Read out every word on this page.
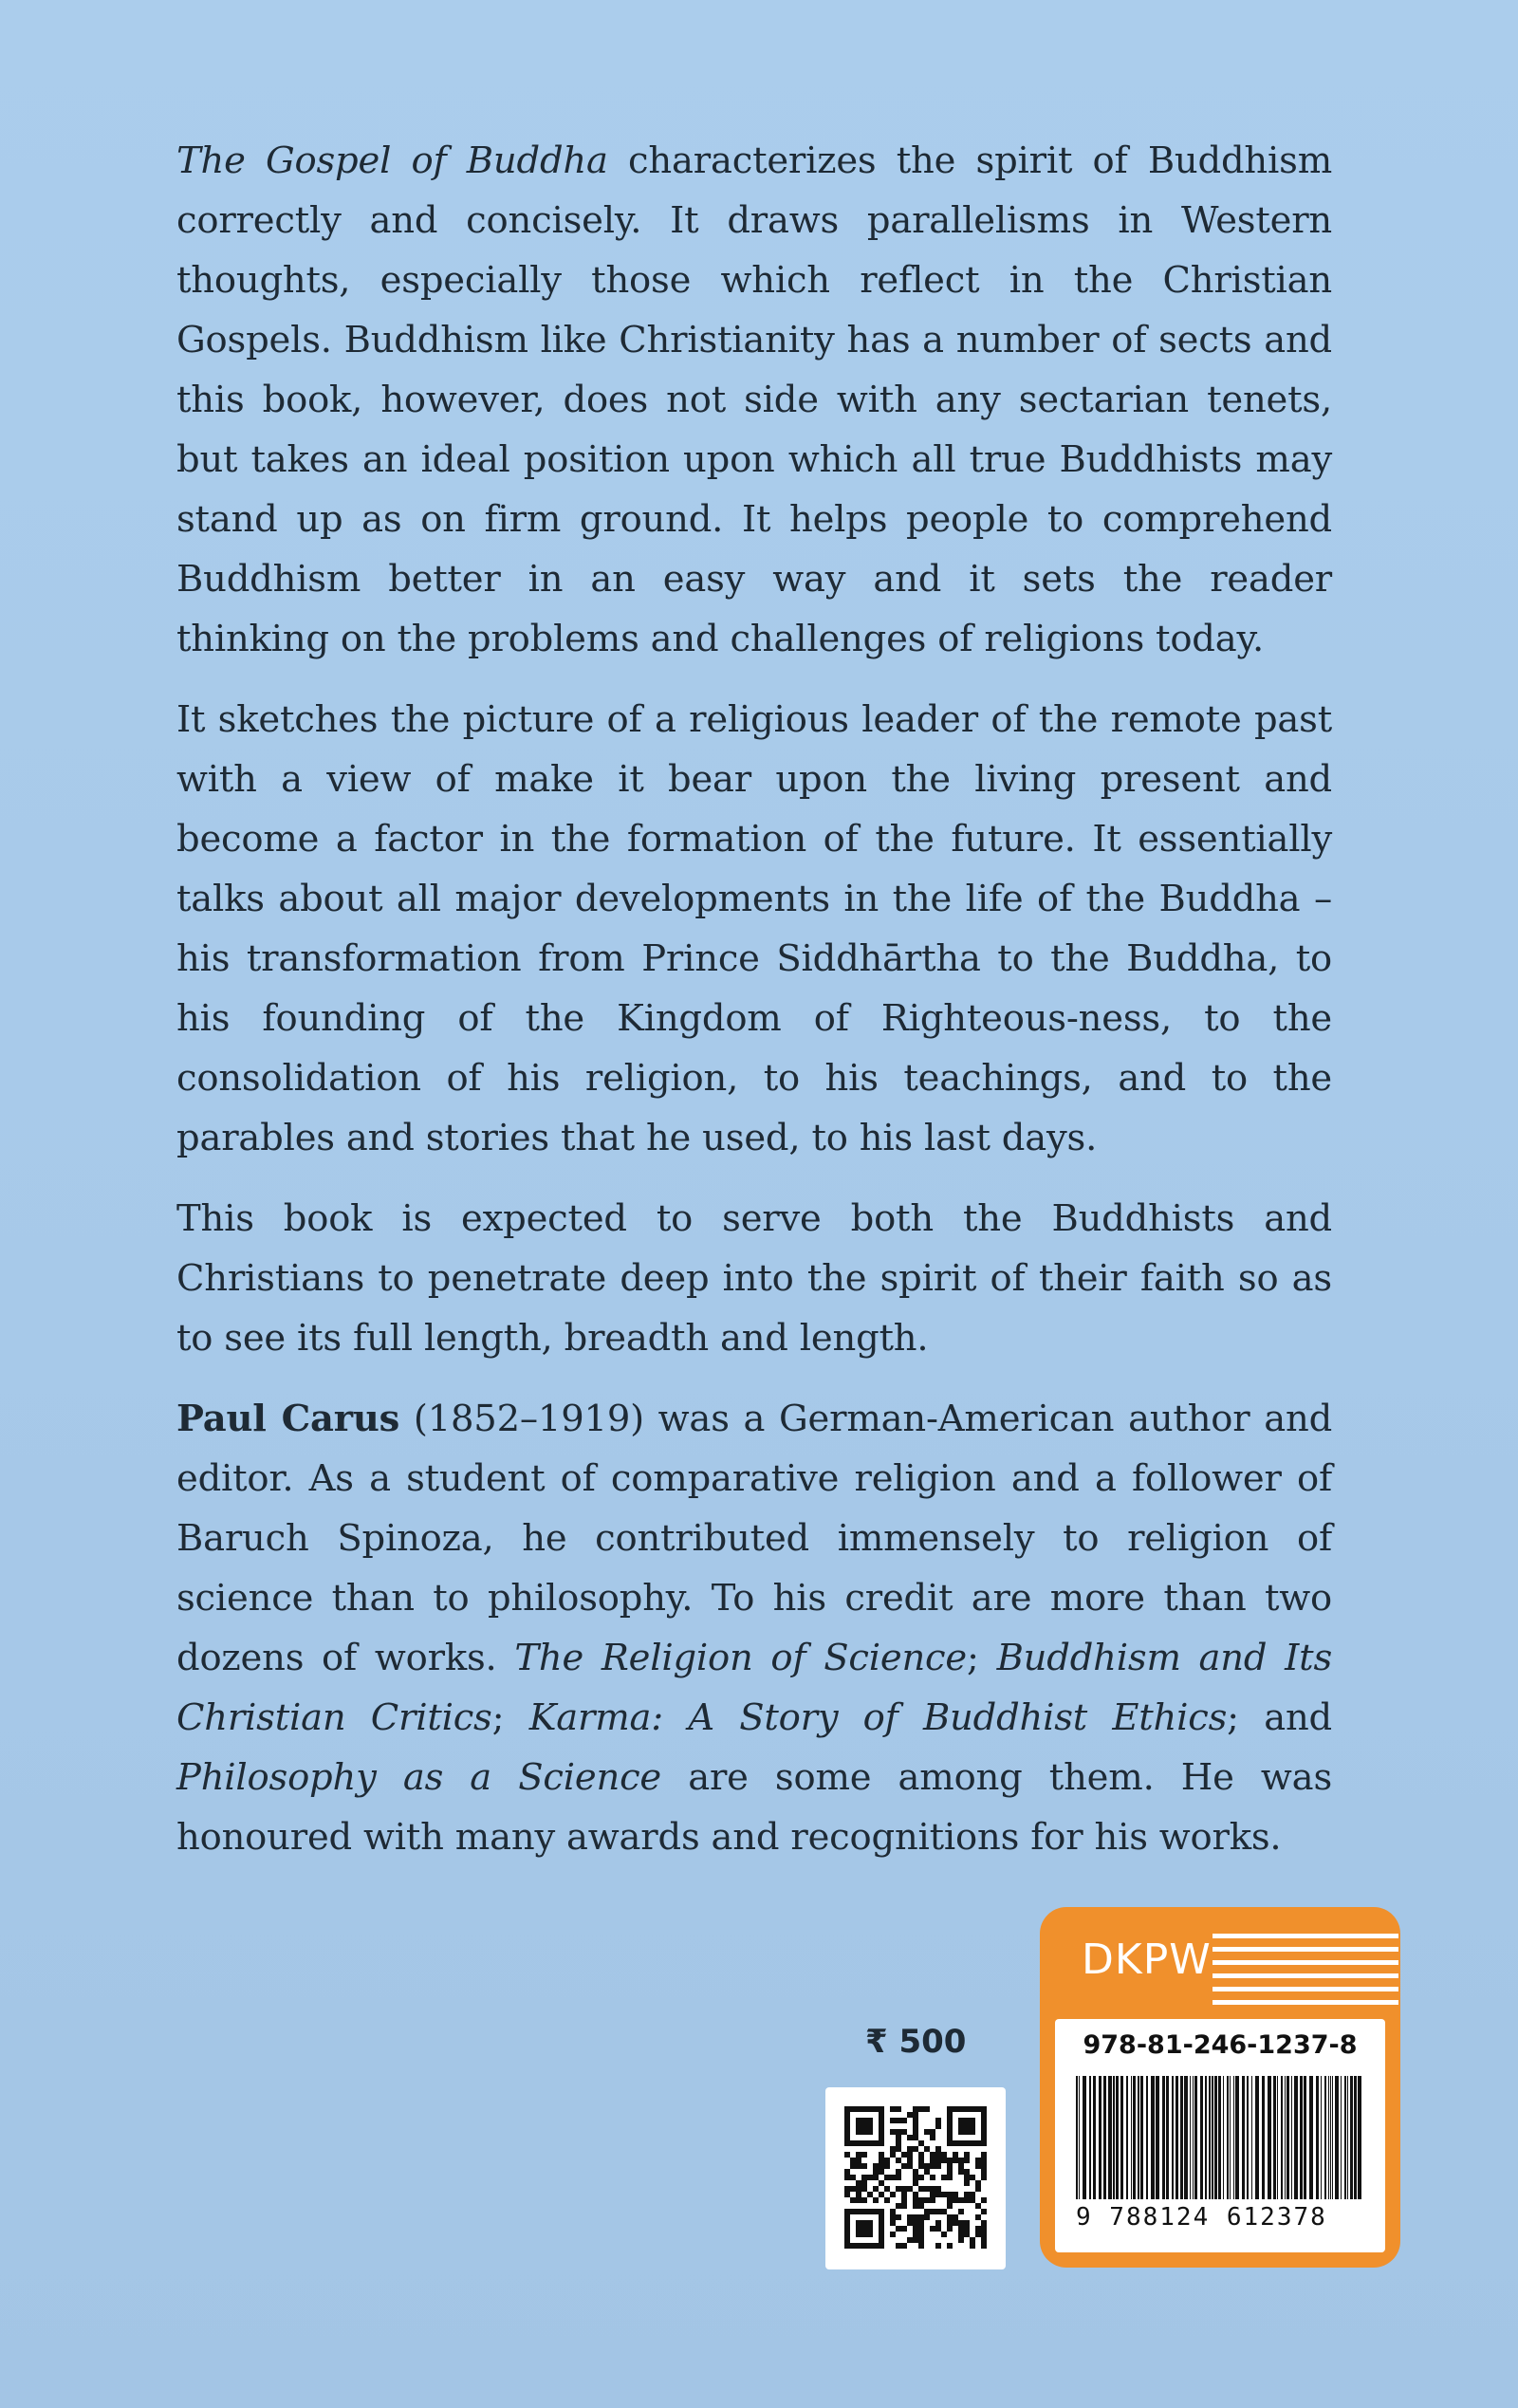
The Gospel of Buddha characterizes the spirit of Buddhism correctly and concisely. It draws parallelisms in Western thoughts, especially those which reflect in the Christian Gospels. Buddhism like Christianity has a number of sects and this book, however, does not side with any sectarian tenets, but takes an ideal position upon which all true Buddhists may stand up as on firm ground. It helps people to comprehend Buddhism better in an easy way and it sets the reader thinking on the problems and challenges of religions today.

It sketches the picture of a religious leader of the remote past with a view of make it bear upon the living present and become a factor in the formation of the future. It essentially talks about all major developments in the life of the Buddha – his transformation from Prince Siddhārtha to the Buddha, to his founding of the Kingdom of Righteous-ness, to the consolidation of his religion, to his teachings, and to the parables and stories that he used, to his last days.

This book is expected to serve both the Buddhists and Christians to penetrate deep into the spirit of their faith so as to see its full length, breadth and length.

Paul Carus (1852–1919) was a German-American author and editor. As a student of comparative religion and a follower of Baruch Spinoza, he contributed immensely to religion of science than to philosophy. To his credit are more than two dozens of works. The Religion of Science; Buddhism and Its Christian Critics; Karma: A Story of Buddhist Ethics; and Philosophy as a Science are some among them. He was honoured with many awards and recognitions for his works.

₹ 500
DKPW
978-81-246-1237-8
9 788124 612378
